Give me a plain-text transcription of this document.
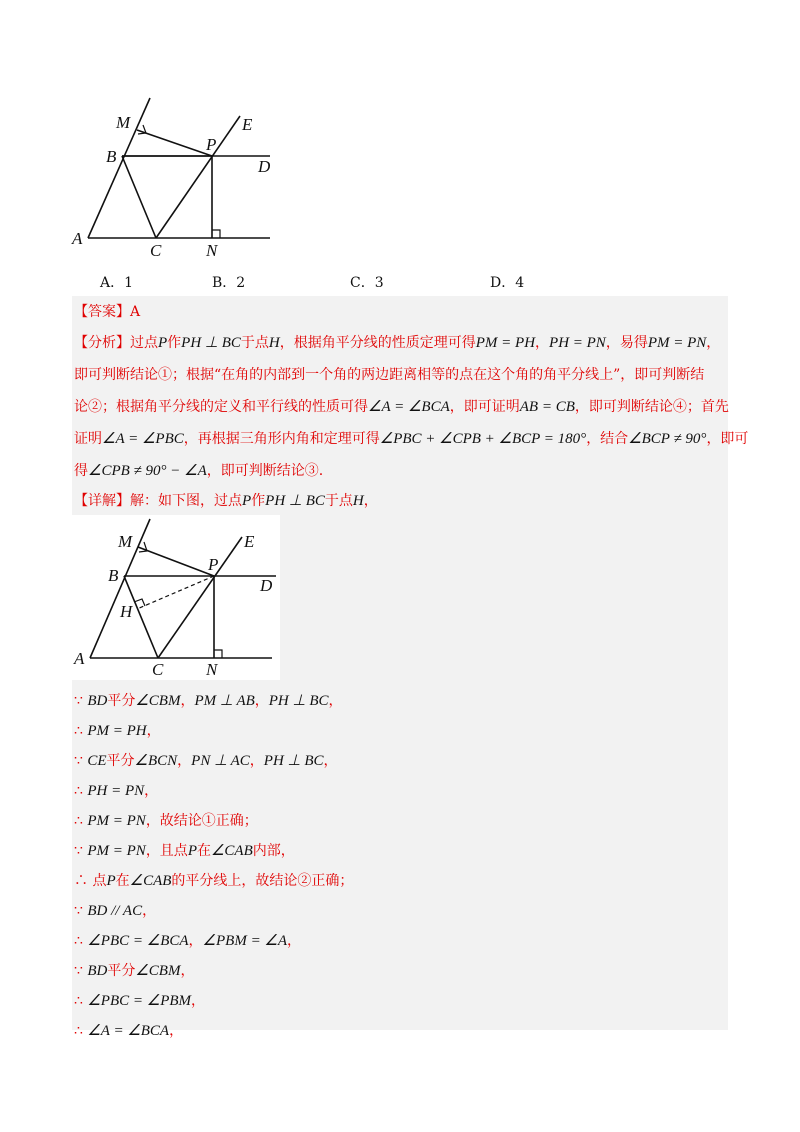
M	E
B
P
D
A
C	N
A．1	B．2	C．3	D．4
【答案】A
【分析】过点P作PH ⊥ BC于点H，根据角平分线的性质定理可得PM = PH，PH = PN，易得PM = PN，
即可判断结论①；根据“在角的内部到一个角的两边距离相等的点在这个角的角平分线上”，即可判断结
论②；根据角平分线的定义和平行线的性质可得∠A = ∠BCA，即可证明AB = CB，即可判断结论④；首先
证明∠A = ∠PBC，再根据三角形内角和定理可得∠PBC + ∠CPB + ∠BCP = 180°，结合∠BCP ≠ 90°，即可
得∠CPB ≠ 90° − ∠A，即可判断结论③.
【详解】解：如下图，过点P作PH ⊥ BC于点H，
M	E
B
P
D
H
A
C	N
∵ BD平分∠CBM，PM ⊥ AB，PH ⊥ BC，
∴ PM = PH，
∵ CE平分∠BCN，PN ⊥ AC，PH ⊥ BC，
∴ PH = PN，
∴ PM = PN，故结论①正确；
∵ PM = PN，且点P在∠CAB内部，
∴ 点P在∠CAB的平分线上，故结论②正确；
∵ BD // AC，
∴ ∠PBC = ∠BCA，∠PBM = ∠A，
∵ BD平分∠CBM，
∴ ∠PBC = ∠PBM，
∴ ∠A = ∠BCA，
